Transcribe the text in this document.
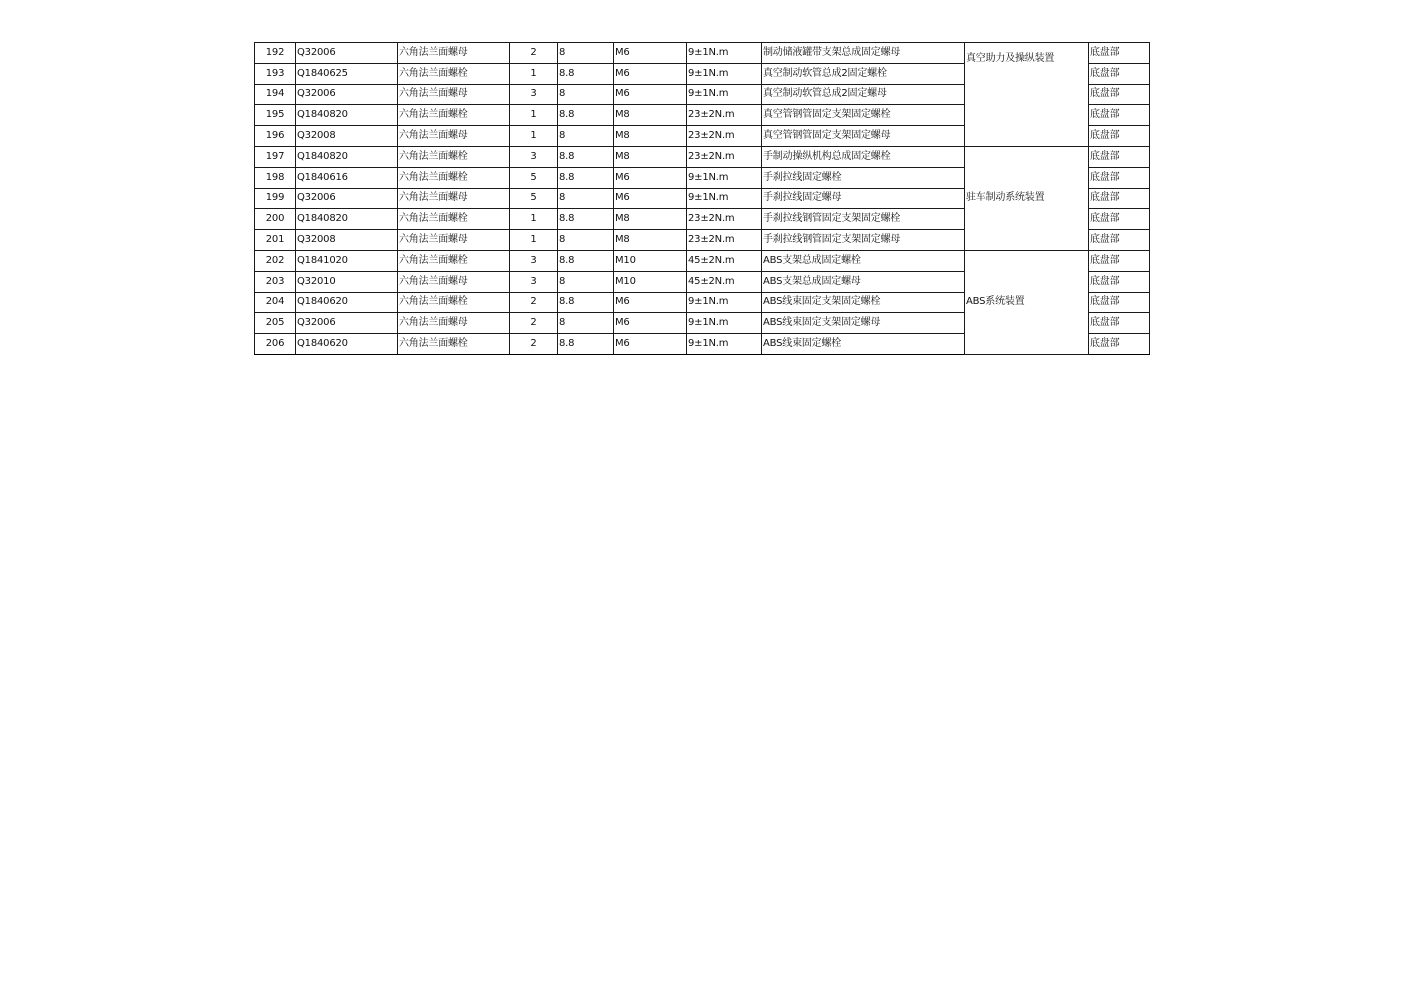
192	Q32006	六角法兰面螺母	2	8	M6	9±1N.m	制动储液罐带支架总成固定螺母	真空助力及操纵装置	底盘部
193	Q1840625	六角法兰面螺栓	1	8.8	M6	9±1N.m	真空制动软管总成2固定螺栓		底盘部
194	Q32006	六角法兰面螺母	3	8	M6	9±1N.m	真空制动软管总成2固定螺母		底盘部
195	Q1840820	六角法兰面螺栓	1	8.8	M8	23±2N.m	真空管钢管固定支架固定螺栓		底盘部
196	Q32008	六角法兰面螺母	1	8	M8	23±2N.m	真空管钢管固定支架固定螺母		底盘部
197	Q1840820	六角法兰面螺栓	3	8.8	M8	23±2N.m	手制动操纵机构总成固定螺栓	驻车制动系统装置	底盘部
198	Q1840616	六角法兰面螺栓	5	8.8	M6	9±1N.m	手刹拉线固定螺栓		底盘部
199	Q32006	六角法兰面螺母	5	8	M6	9±1N.m	手刹拉线固定螺母		底盘部
200	Q1840820	六角法兰面螺栓	1	8.8	M8	23±2N.m	手刹拉线钢管固定支架固定螺栓		底盘部
201	Q32008	六角法兰面螺母	1	8	M8	23±2N.m	手刹拉线钢管固定支架固定螺母		底盘部
202	Q1841020	六角法兰面螺栓	3	8.8	M10	45±2N.m	ABS支架总成固定螺栓	ABS系统装置	底盘部
203	Q32010	六角法兰面螺母	3	8	M10	45±2N.m	ABS支架总成固定螺母		底盘部
204	Q1840620	六角法兰面螺栓	2	8.8	M6	9±1N.m	ABS线束固定支架固定螺栓		底盘部
205	Q32006	六角法兰面螺母	2	8	M6	9±1N.m	ABS线束固定支架固定螺母		底盘部
206	Q1840620	六角法兰面螺栓	2	8.8	M6	9±1N.m	ABS线束固定螺栓		底盘部
